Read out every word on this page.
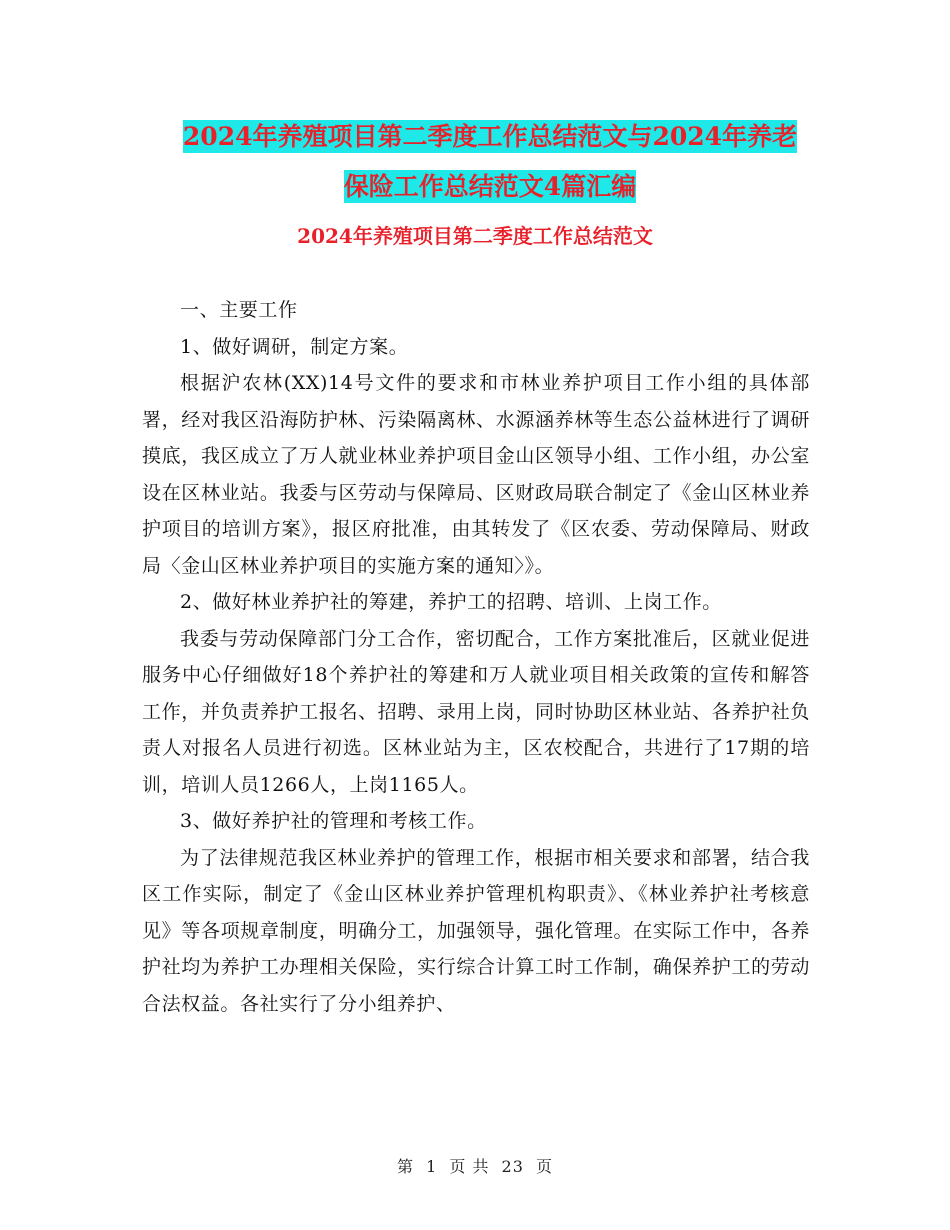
2024年养殖项目第二季度工作总结范文与2024年养老
保险工作总结范文4篇汇编
2024年养殖项目第二季度工作总结范文

一、主要工作

1、做好调研，制定方案。

根据沪农林(XX)14号文件的要求和市林业养护项目工作小组的具体部署，经对我区沿海防护林、污染隔离林、水源涵养林等生态公益林进行了调研摸底，我区成立了万人就业林业养护项目金山区领导小组、工作小组，办公室设在区林业站。我委与区劳动与保障局、区财政局联合制定了《金山区林业养护项目的培训方案》，报区府批准，由其转发了《区农委、劳动保障局、财政局〈金山区林业养护项目的实施方案的通知〉》。

2、做好林业养护社的筹建，养护工的招聘、培训、上岗工作。

我委与劳动保障部门分工合作，密切配合，工作方案批准后，区就业促进服务中心仔细做好18个养护社的筹建和万人就业项目相关政策的宣传和解答工作，并负责养护工报名、招聘、录用上岗，同时协助区林业站、各养护社负责人对报名人员进行初选。区林业站为主，区农校配合，共进行了17期的培训，培训人员1266人，上岗1165人。

3、做好养护社的管理和考核工作。

为了法律规范我区林业养护的管理工作，根据市相关要求和部署，结合我区工作实际，制定了《金山区林业养护管理机构职责》、《林业养护社考核意见》等各项规章制度，明确分工，加强领导，强化管理。在实际工作中，各养护社均为养护工办理相关保险，实行综合计算工时工作制，确保养护工的劳动合法权益。各社实行了分小组养护、

第 1 页 共 23 页
